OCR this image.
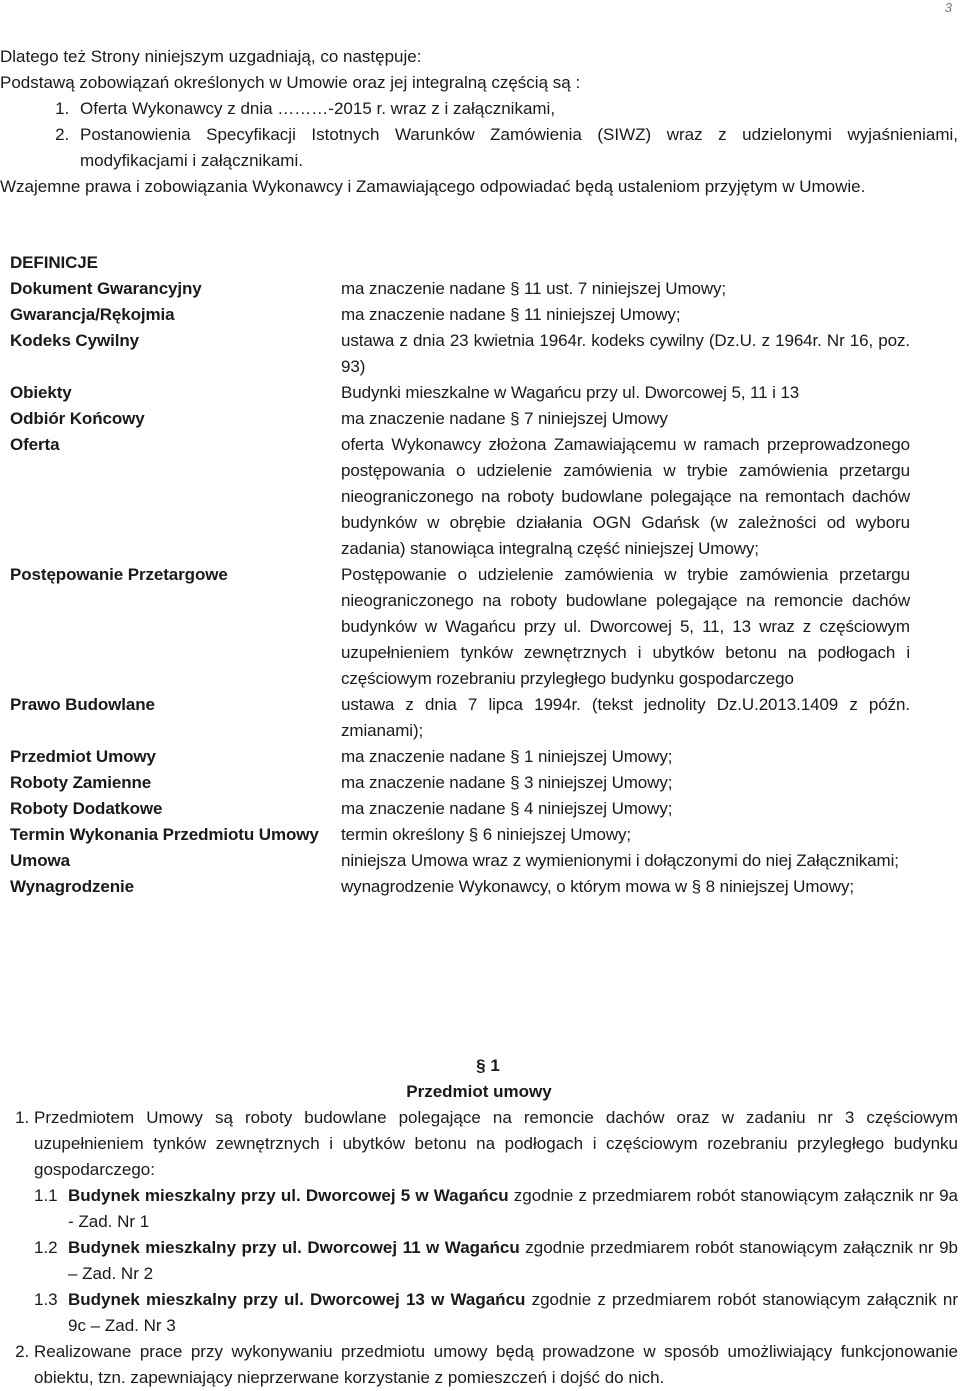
3

Dlatego też Strony niniejszym uzgadniają, co następuje:

Podstawą zobowiązań określonych w Umowie oraz jej integralną częścią są :

1. Oferta Wykonawcy z dnia ………-2015 r. wraz z i załącznikami,
2. Postanowienia Specyfikacji Istotnych Warunków Zamówienia (SIWZ) wraz z udzielonymi wyjaśnieniami, modyfikacjami i załącznikami.

Wzajemne prawa i zobowiązania Wykonawcy i Zamawiającego odpowiadać będą ustaleniom przyjętym w Umowie.

DEFINICJE
Dokument Gwarancyjny	ma znaczenie nadane § 11 ust. 7 niniejszej Umowy;
Gwarancja/Rękojmia	ma znaczenie nadane § 11 niniejszej Umowy;
Kodeks Cywilny	ustawa z dnia 23 kwietnia 1964r. kodeks cywilny (Dz.U. z 1964r. Nr 16, poz. 93)
Obiekty	Budynki mieszkalne w Wagańcu przy ul. Dworcowej 5, 11 i 13
Odbiór Końcowy	ma znaczenie nadane § 7 niniejszej Umowy
Oferta	oferta Wykonawcy złożona Zamawiającemu w ramach przeprowadzonego postępowania o udzielenie zamówienia w trybie zamówienia przetargu nieograniczonego na roboty budowlane polegające na remontach dachów budynków w obrębie działania OGN Gdańsk (w zależności od wyboru zadania) stanowiąca integralną część niniejszej Umowy;
Postępowanie Przetargowe	Postępowanie o udzielenie zamówienia w trybie zamówienia przetargu nieograniczonego na roboty budowlane polegające na remoncie dachów budynków w Wagańcu przy ul. Dworcowej 5, 11, 13 wraz z częściowym uzupełnieniem tynków zewnętrznych i ubytków betonu na podłogach i częściowym rozebraniu przyległego budynku gospodarczego
Prawo Budowlane	ustawa z dnia 7 lipca 1994r. (tekst jednolity Dz.U.2013.1409 z późn. zmianami);
Przedmiot Umowy	ma znaczenie nadane § 1 niniejszej Umowy;
Roboty Zamienne	ma znaczenie nadane § 3 niniejszej Umowy;
Roboty Dodatkowe	ma znaczenie nadane § 4 niniejszej Umowy;
Termin Wykonania Przedmiotu Umowy	termin określony § 6 niniejszej Umowy;
Umowa	niniejsza Umowa wraz z wymienionymi i dołączonymi do niej Załącznikami;
Wynagrodzenie	wynagrodzenie Wykonawcy, o którym mowa w § 8 niniejszej Umowy;
§ 1
Przedmiot umowy
1. Przedmiotem Umowy są roboty budowlane polegające na remoncie dachów oraz w zadaniu nr 3 częściowym uzupełnieniem tynków zewnętrznych i ubytków betonu na podłogach i częściowym rozebraniu przyległego budynku gospodarczego:
1.1 Budynek mieszkalny przy ul. Dworcowej 5 w Wagańcu zgodnie z przedmiarem robót stanowiącym załącznik nr 9a - Zad. Nr 1
1.2 Budynek mieszkalny przy ul. Dworcowej 11 w Wagańcu zgodnie przedmiarem robót stanowiącym załącznik nr 9b – Zad. Nr 2
1.3 Budynek mieszkalny przy ul. Dworcowej 13 w Wagańcu zgodnie z przedmiarem robót stanowiącym załącznik nr 9c – Zad. Nr 3
2. Realizowane prace przy wykonywaniu przedmiotu umowy będą prowadzone w sposób umożliwiający funkcjonowanie obiektu, tzn. zapewniający nieprzerwane korzystanie z pomieszczeń i dojść do nich.
